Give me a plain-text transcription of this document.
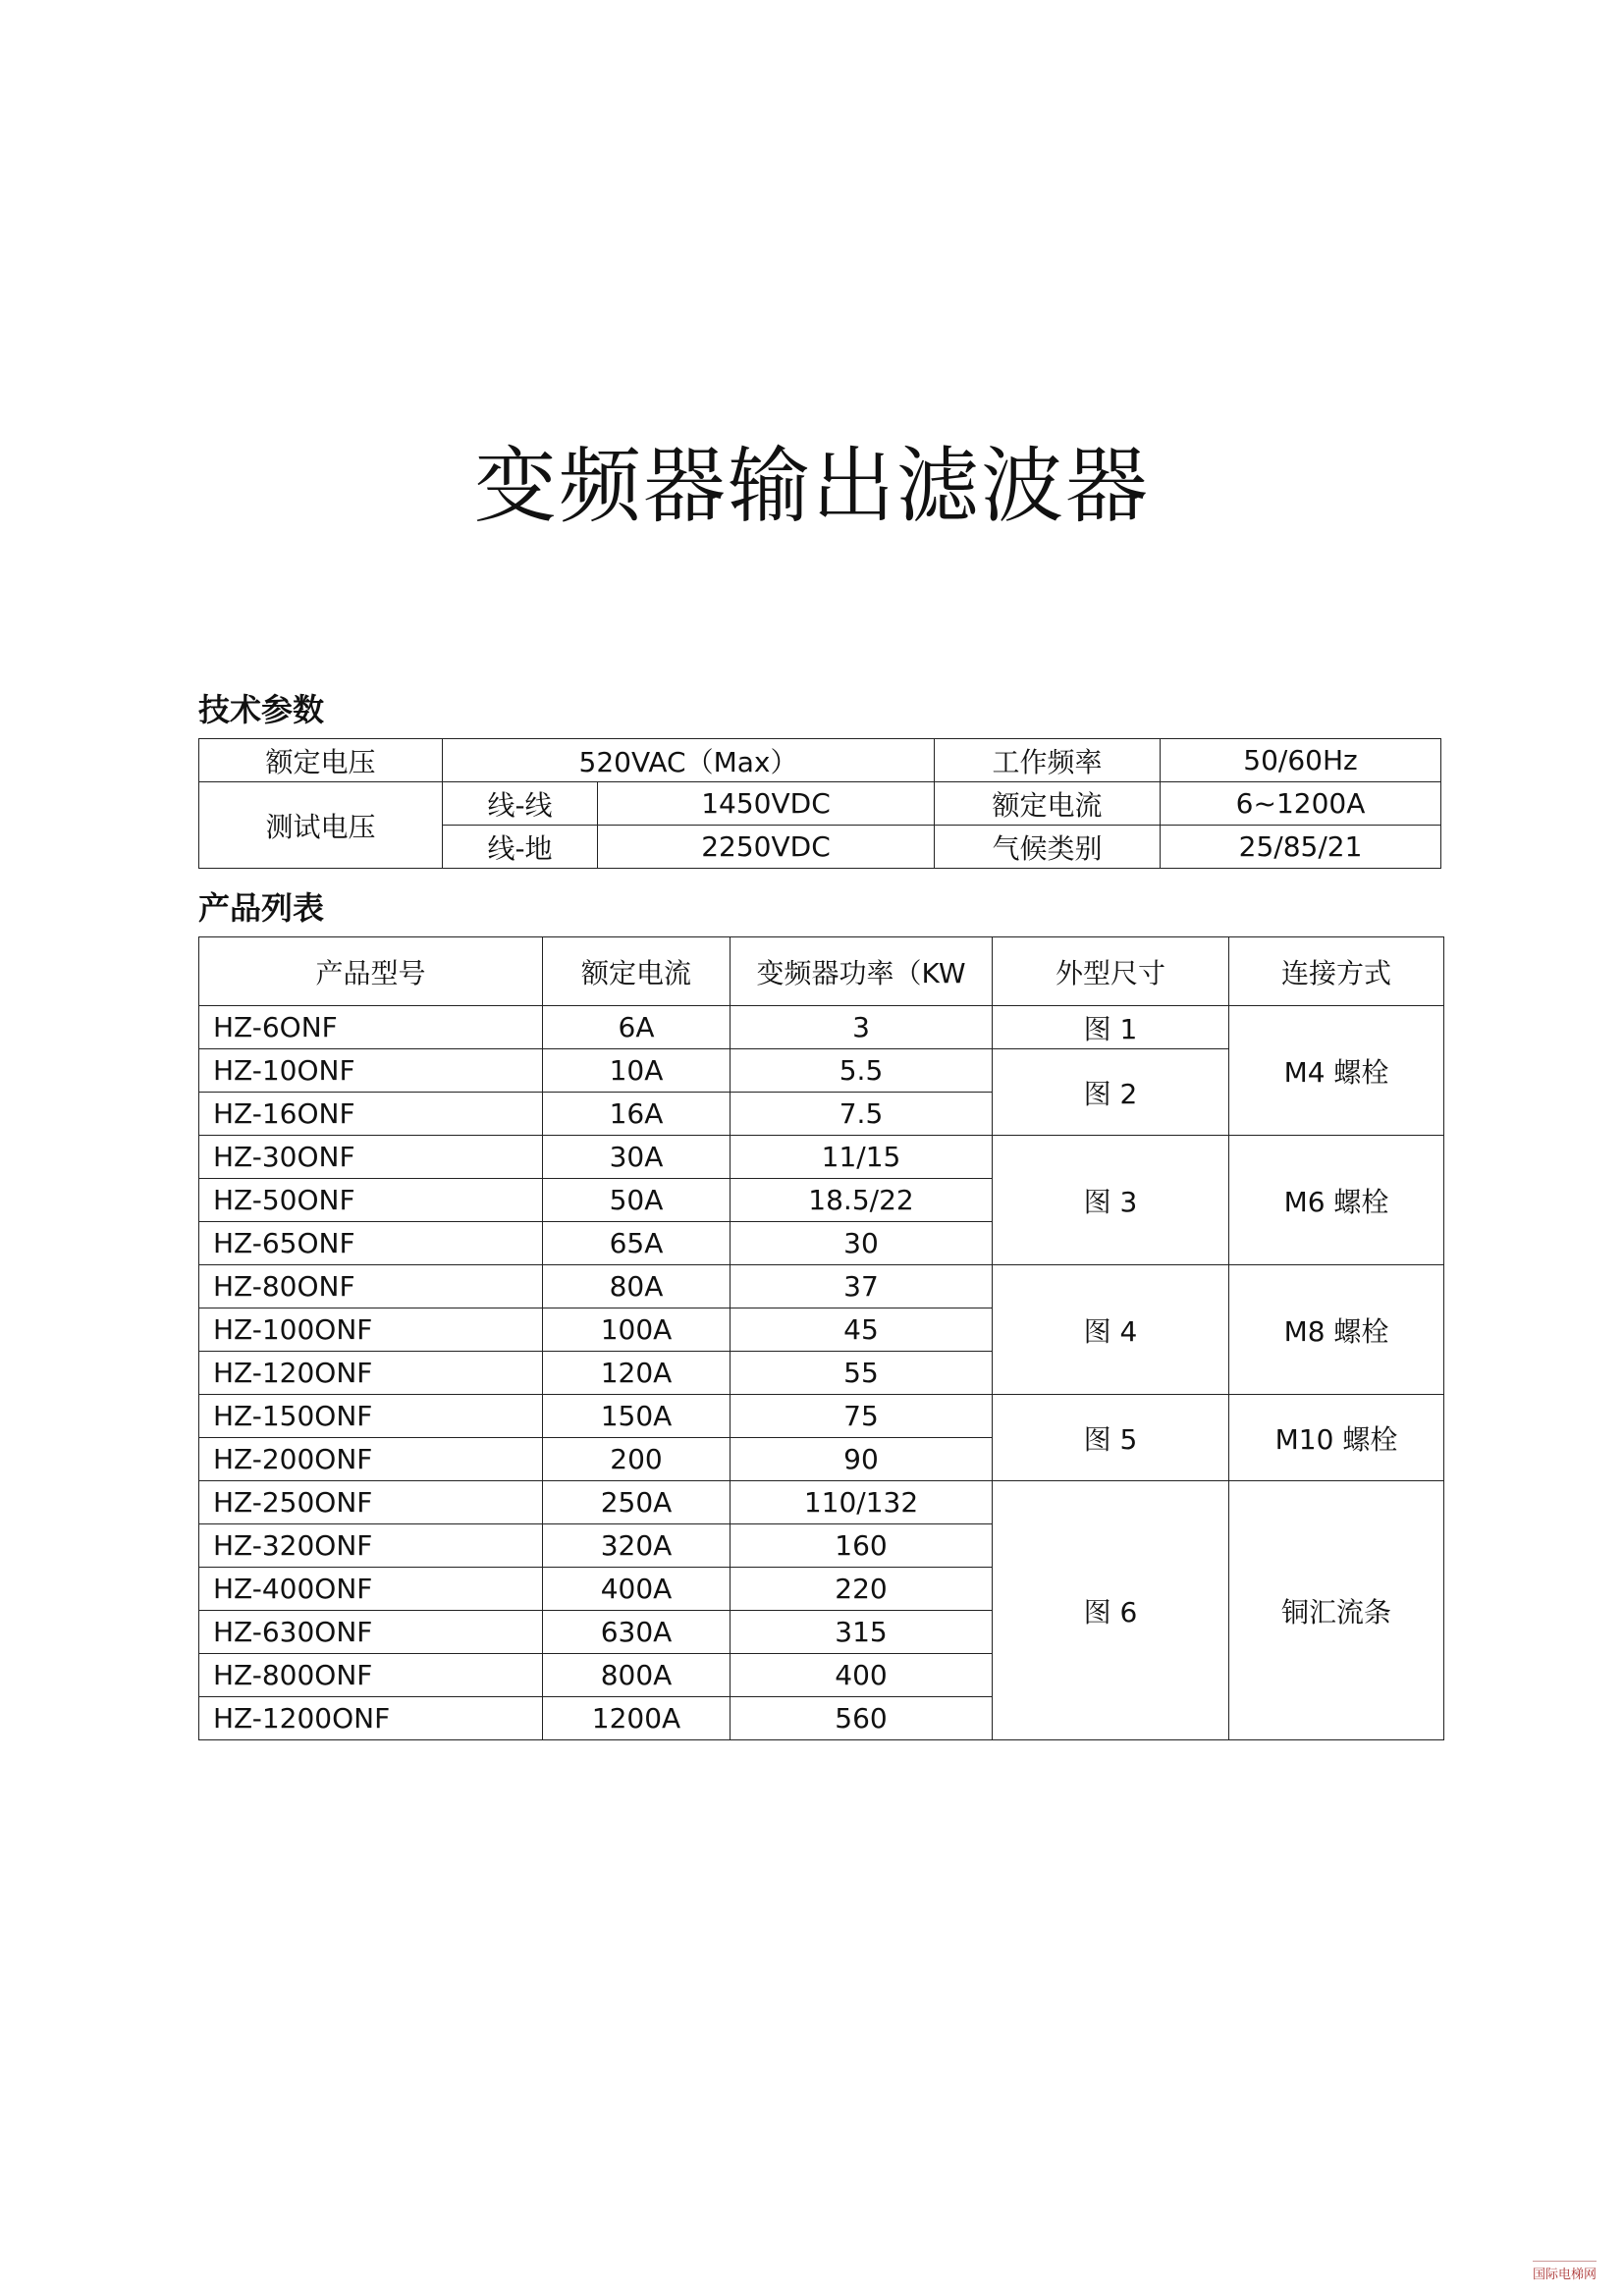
变频器输出滤波器
技术参数
额定电压	520VAC（Max）		工作频率	50/60Hz
测试电压	线-线	1450VDC	额定电流	6~1200A
	线-地	2250VDC	气候类别	25/85/21
产品列表
产品型号	额定电流	变频器功率（KW	外型尺寸	连接方式
HZ-6ONF	6A	3	图 1	M4 螺栓
HZ-10ONF	10A	5.5	图 2	
HZ-16ONF	16A	7.5		
HZ-30ONF	30A	11/15	图 3	M6 螺栓
HZ-50ONF	50A	18.5/22		
HZ-65ONF	65A	30		
HZ-80ONF	80A	37	图 4	M8 螺栓
HZ-100ONF	100A	45		
HZ-120ONF	120A	55		
HZ-150ONF	150A	75	图 5	M10 螺栓
HZ-200ONF	200	90		
HZ-250ONF	250A	110/132	图 6	铜汇流条
HZ-320ONF	320A	160		
HZ-400ONF	400A	220		
HZ-630ONF	630A	315		
HZ-800ONF	800A	400		
HZ-1200ONF	1200A	560		
国际电梯网
